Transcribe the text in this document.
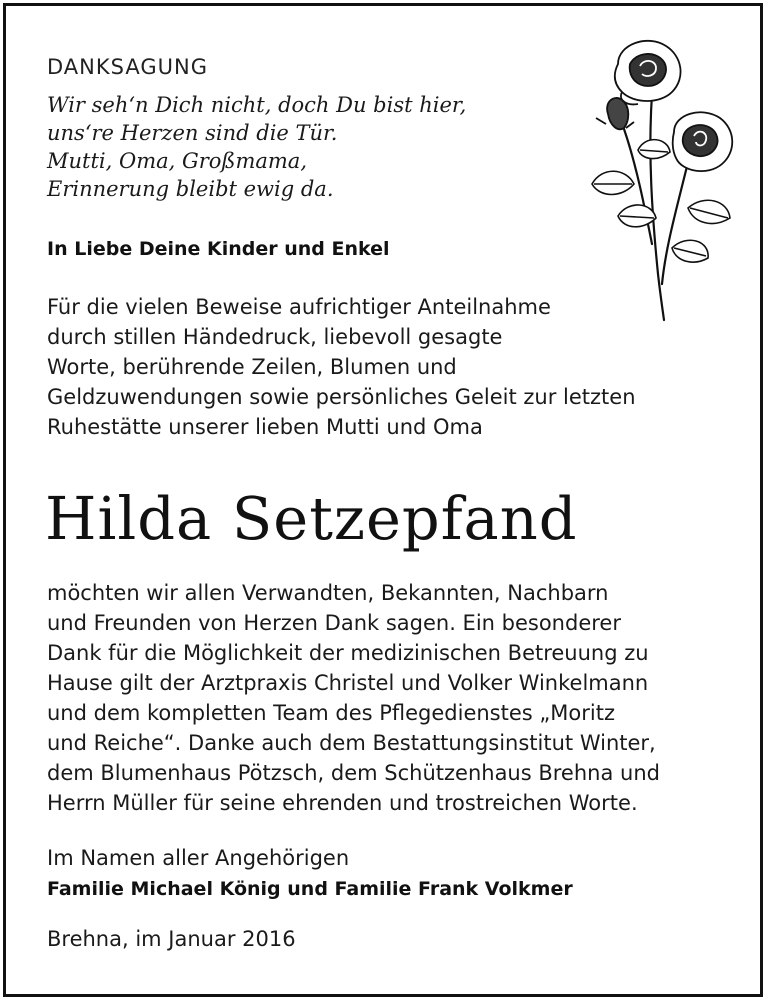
DANKSAGUNG
Wir seh‘n Dich nicht, doch Du bist hier,
uns‘re Herzen sind die Tür.
Mutti, Oma, Großmama,
Erinnerung bleibt ewig da.
In Liebe Deine Kinder und Enkel
Für die vielen Beweise aufrichtiger Anteilnahme
durch stillen Händedruck, liebevoll gesagte
Worte, berührende Zeilen, Blumen und
Geldzuwendungen sowie persönliches Geleit zur letzten
Ruhestätte unserer lieben Mutti und Oma
Hilda Setzepfand
möchten wir allen Verwandten, Bekannten, Nachbarn
und Freunden von Herzen Dank sagen. Ein besonderer
Dank für die Möglichkeit der medizinischen Betreuung zu
Hause gilt der Arztpraxis Christel und Volker Winkelmann
und dem kompletten Team des Pflegedienstes „Moritz
und Reiche“. Danke auch dem Bestattungsinstitut Winter,
dem Blumenhaus Pötzsch, dem Schützenhaus Brehna und
Herrn Müller für seine ehrenden und trostreichen Worte.
Im Namen aller Angehörigen
Familie Michael König und Familie Frank Volkmer
Brehna, im Januar 2016
